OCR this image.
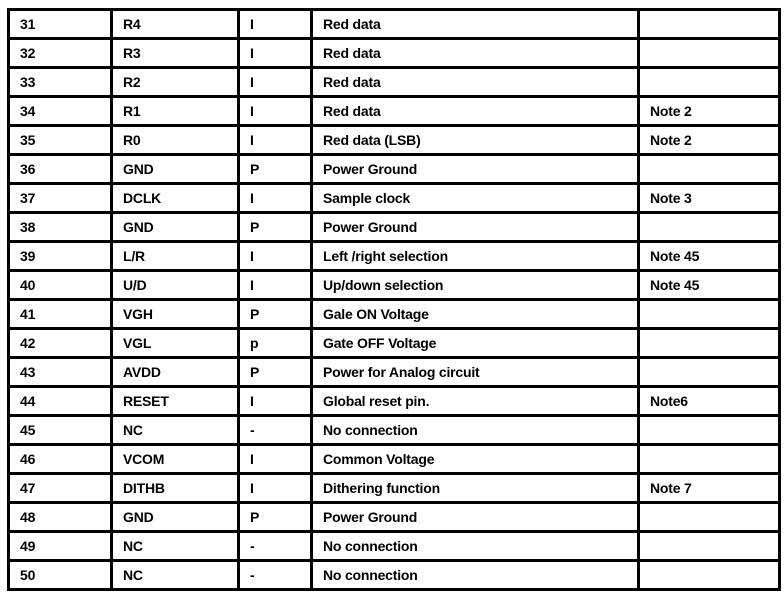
31	R4	I	Red data	
32	R3	I	Red data	
33	R2	I	Red data	
34	R1	I	Red data	Note 2
35	R0	I	Red data (LSB)	Note 2
36	GND	P	Power Ground	
37	DCLK	I	Sample clock	Note 3
38	GND	P	Power Ground	
39	L/R	I	Left /right selection	Note 45
40	U/D	I	Up/down selection	Note 45
41	VGH	P	Gale ON Voltage	
42	VGL	p	Gate OFF Voltage	
43	AVDD	P	Power for Analog circuit	
44	RESET	I	Global reset pin.	Note6
45	NC	-	No connection	
46	VCOM	I	Common Voltage	
47	DITHB	I	Dithering function	Note 7
48	GND	P	Power Ground	
49	NC	-	No connection	
50	NC	-	No connection	
